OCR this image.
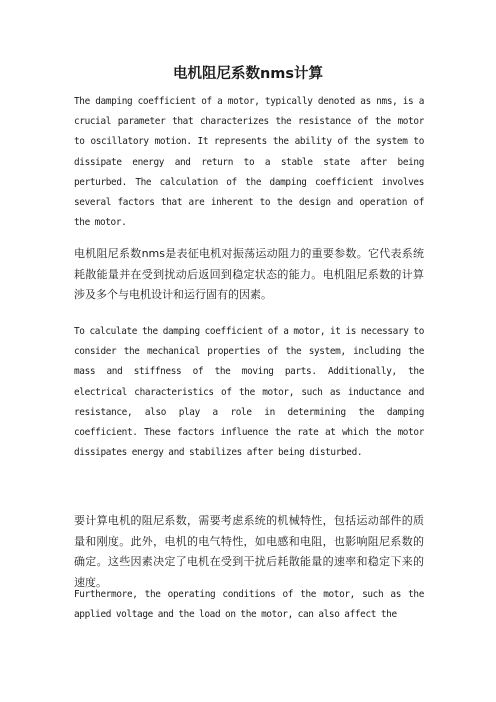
电机阻尼系数nms计算

The damping coefficient of a motor, typically denoted as nms, is a crucial parameter that characterizes the resistance of the motor to oscillatory motion. It represents the ability of the system to dissipate energy and return to a stable state after being perturbed. The calculation of the damping coefficient involves several factors that are inherent to the design and operation of the motor.

电机阻尼系数nms是表征电机对振荡运动阻力的重要参数。它代表系统耗散能量并在受到扰动后返回到稳定状态的能力。电机阻尼系数的计算涉及多个与电机设计和运行固有的因素。

To calculate the damping coefficient of a motor, it is necessary to consider the mechanical properties of the system, including the mass and stiffness of the moving parts. Additionally, the electrical characteristics of the motor, such as inductance and resistance, also play a role in determining the damping coefficient. These factors influence the rate at which the motor dissipates energy and stabilizes after being disturbed.

要计算电机的阻尼系数，需要考虑系统的机械特性，包括运动部件的质量和刚度。此外，电机的电气特性，如电感和电阻，也影响阻尼系数的确定。这些因素决定了电机在受到干扰后耗散能量的速率和稳定下来的速度。

Furthermore, the operating conditions of the motor, such as the applied voltage and the load on the motor, can also affect the
